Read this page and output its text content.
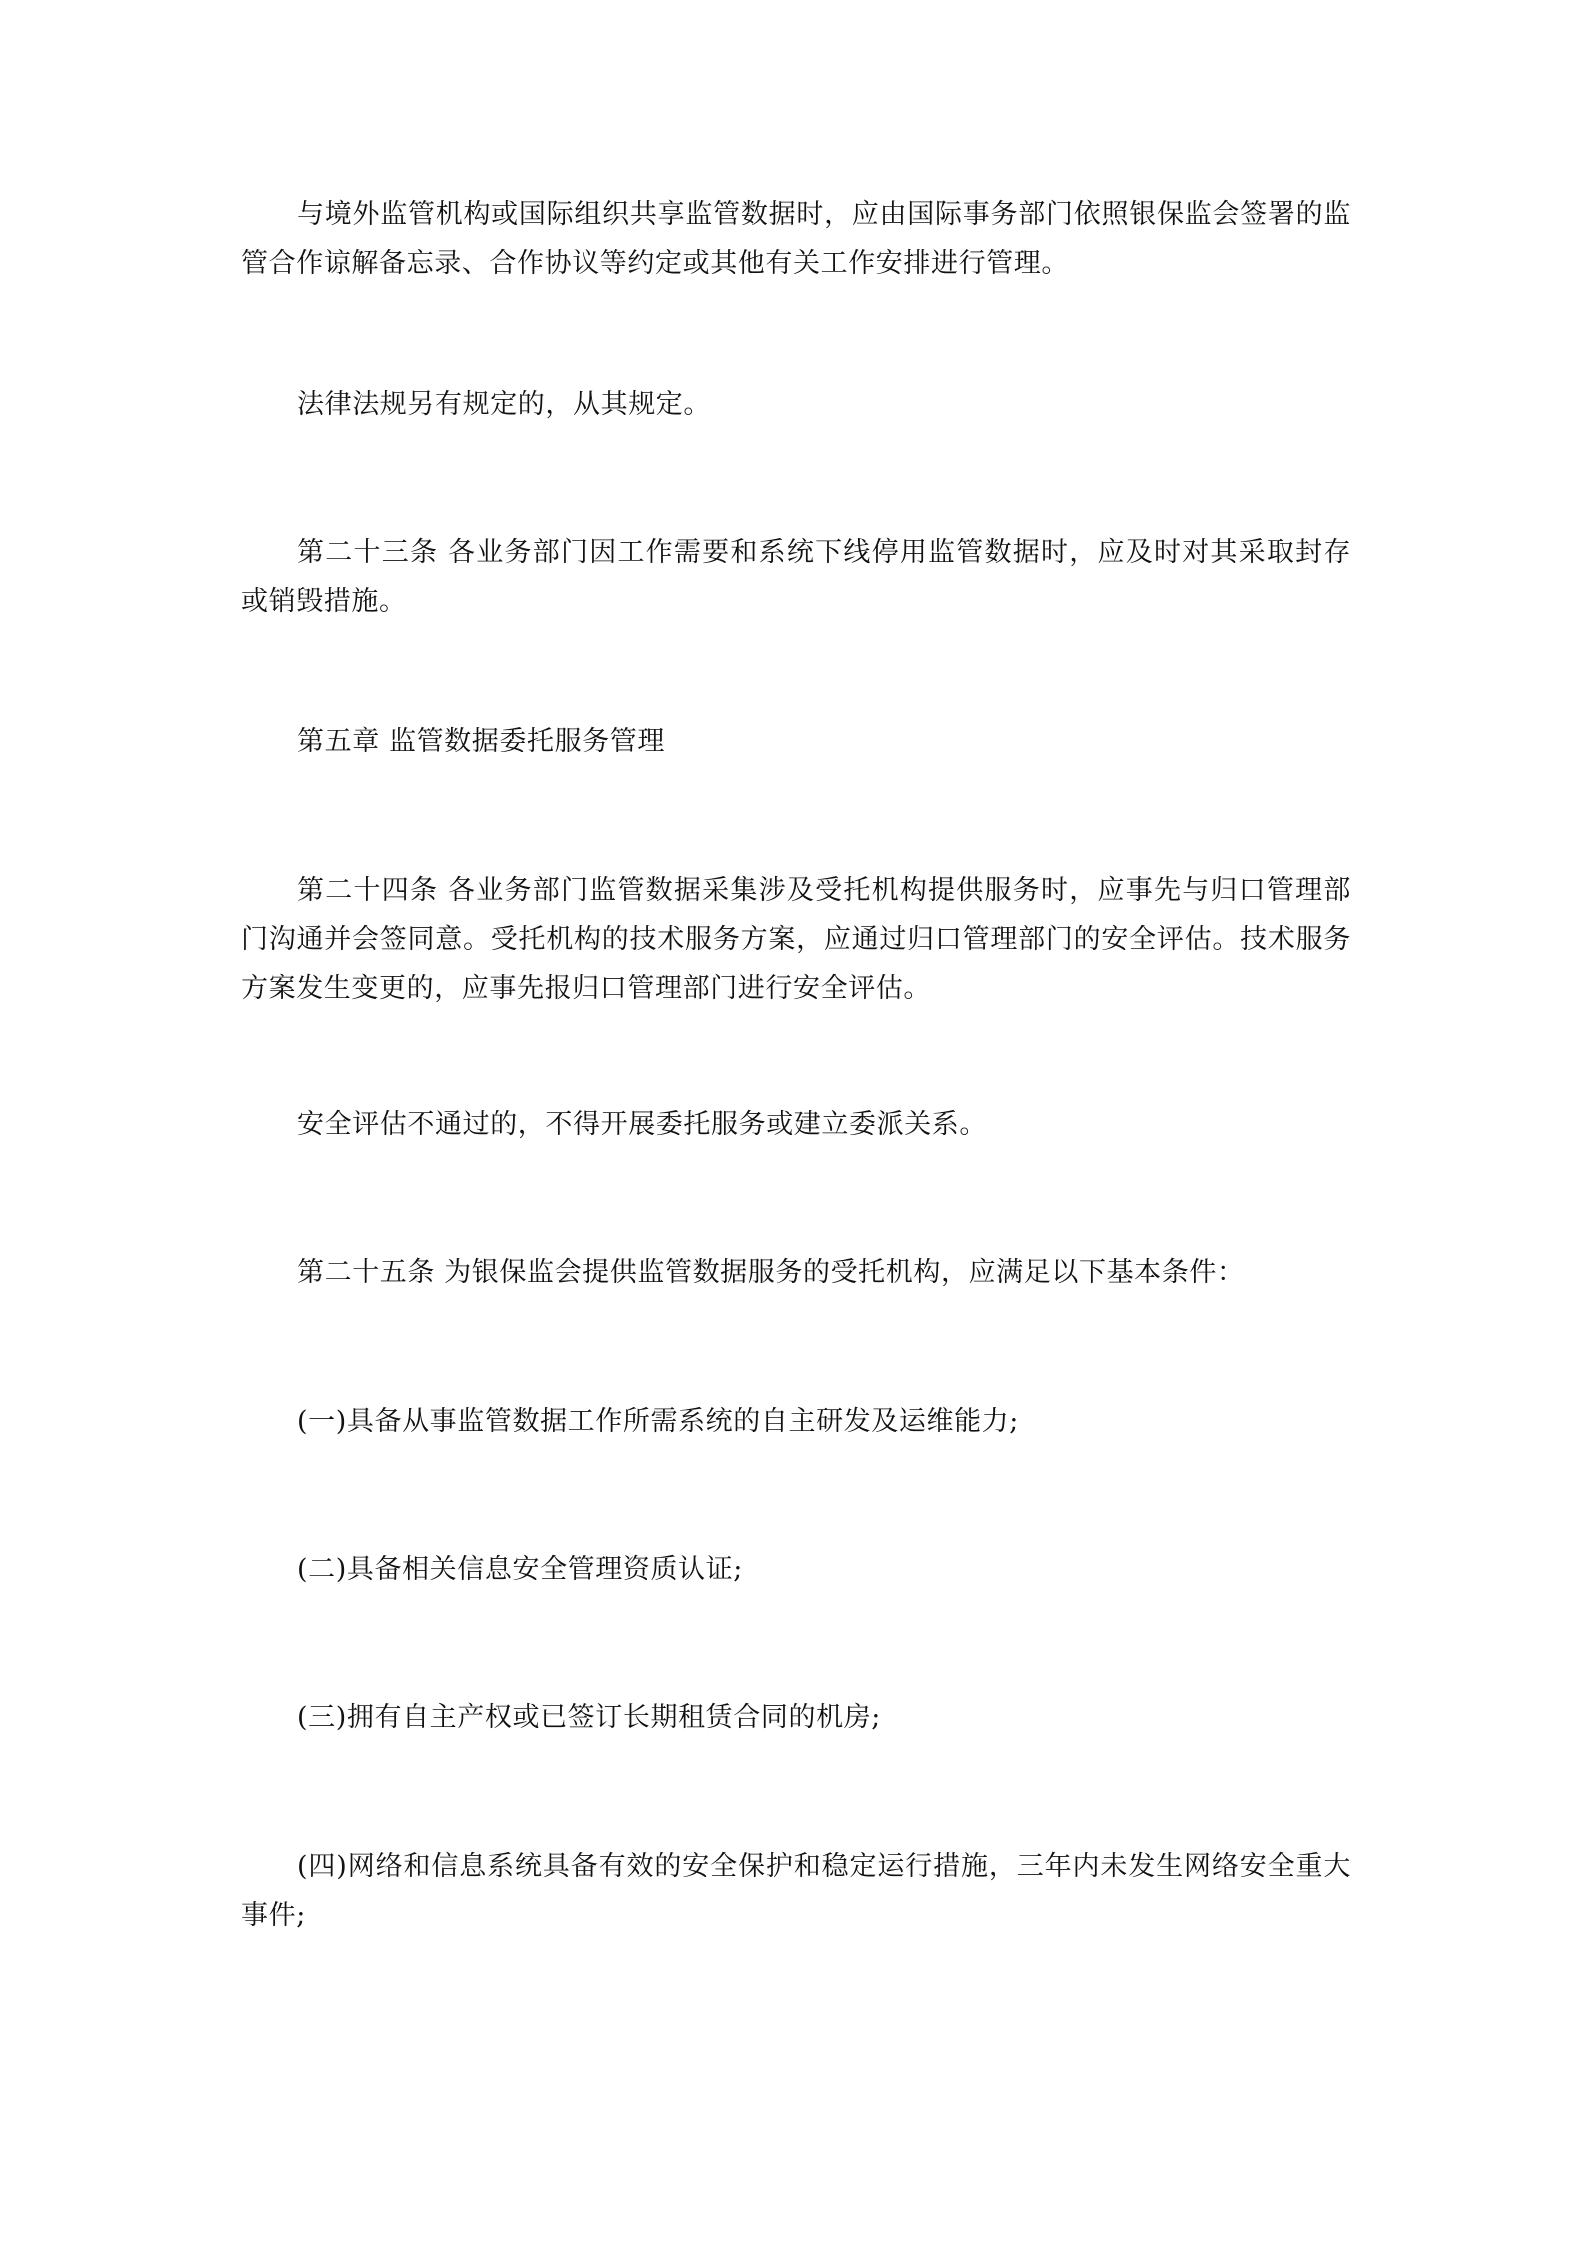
与境外监管机构或国际组织共享监管数据时，应由国际事务部门依照银保监会签署的监管合作谅解备忘录、合作协议等约定或其他有关工作安排进行管理。

法律法规另有规定的，从其规定。

第二十三条 各业务部门因工作需要和系统下线停用监管数据时，应及时对其采取封存或销毁措施。

第五章 监管数据委托服务管理

第二十四条 各业务部门监管数据采集涉及受托机构提供服务时，应事先与归口管理部门沟通并会签同意。受托机构的技术服务方案，应通过归口管理部门的安全评估。技术服务方案发生变更的，应事先报归口管理部门进行安全评估。

安全评估不通过的，不得开展委托服务或建立委派关系。

第二十五条 为银保监会提供监管数据服务的受托机构，应满足以下基本条件：

(一)具备从事监管数据工作所需系统的自主研发及运维能力;

(二)具备相关信息安全管理资质认证;

(三)拥有自主产权或已签订长期租赁合同的机房;

(四)网络和信息系统具备有效的安全保护和稳定运行措施，三年内未发生网络安全重大事件;
